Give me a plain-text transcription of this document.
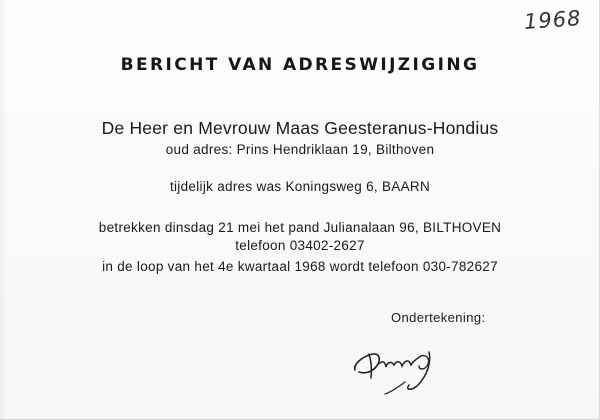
1968
BERICHT VAN ADRESWIJZIGING
De Heer en Mevrouw Maas Geesteranus-Hondius
oud adres: Prins Hendriklaan 19, Bilthoven
tijdelijk adres was Koningsweg 6, BAARN
betrekken dinsdag 21 mei het pand Julianalaan 96, BILTHOVEN
telefoon 03402-2627
in de loop van het 4e kwartaal 1968 wordt telefoon 030-782627
Ondertekening:
